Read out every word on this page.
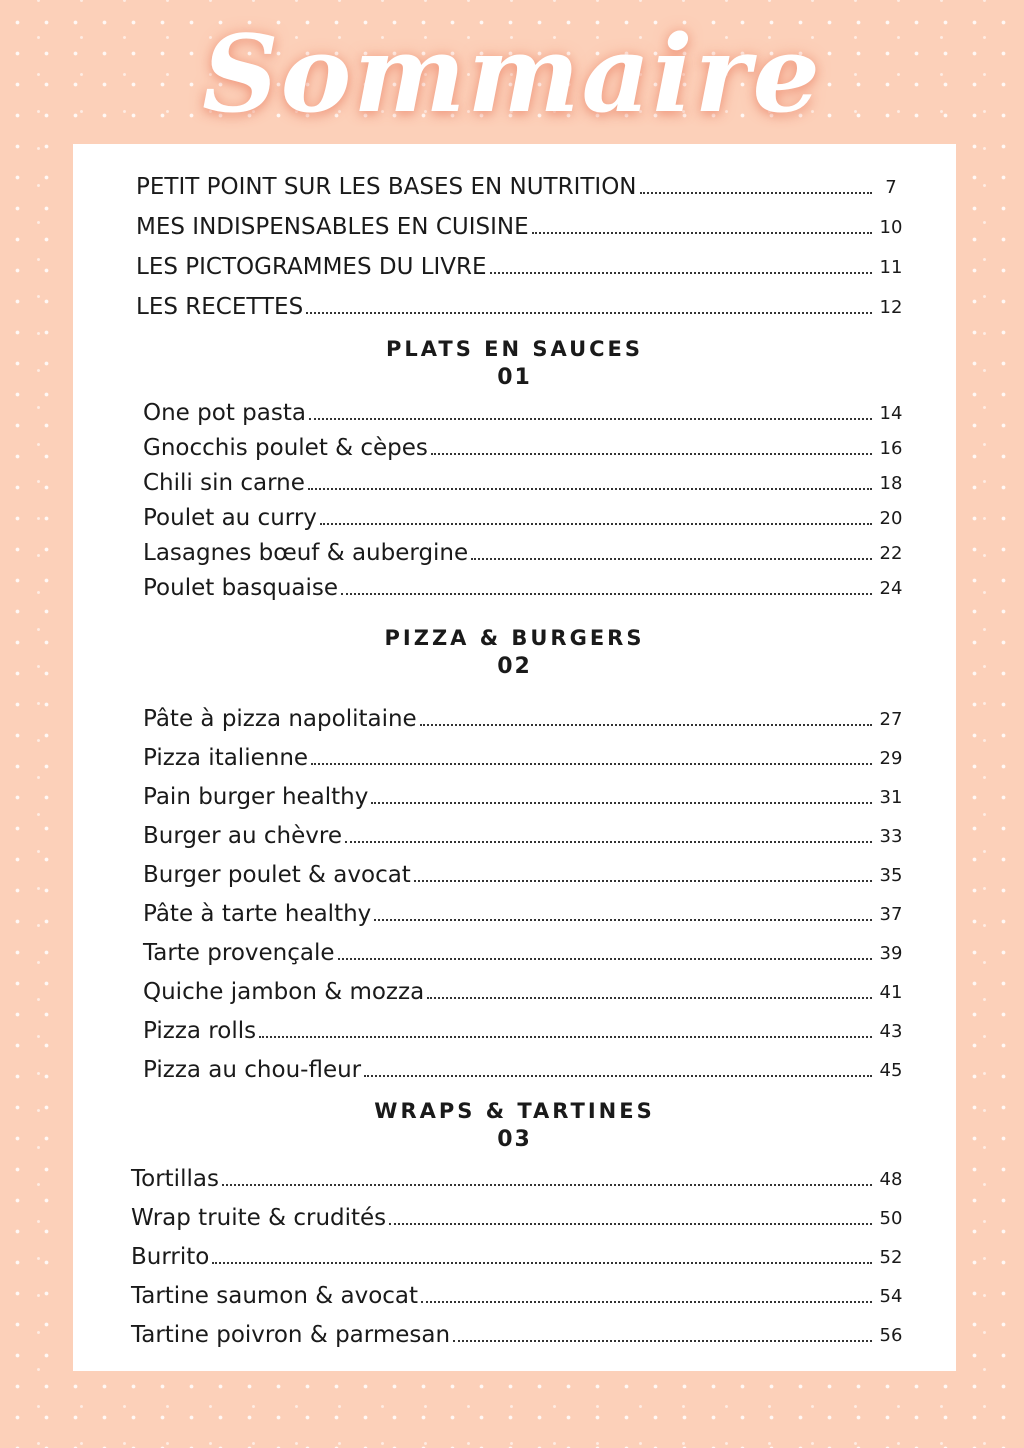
Sommaire
PETIT POINT SUR LES BASES EN NUTRITION	7
MES INDISPENSABLES EN CUISINE	10
LES PICTOGRAMMES DU LIVRE	11
LES RECETTES	12
PLATS EN SAUCES
01
One pot pasta	14
Gnocchis poulet & cèpes	16
Chili sin carne	18
Poulet au curry	20
Lasagnes bœuf & aubergine	22
Poulet basquaise	24
PIZZA & BURGERS
02
Pâte à pizza napolitaine	27
Pizza italienne	29
Pain burger healthy	31
Burger au chèvre	33
Burger poulet & avocat	35
Pâte à tarte healthy	37
Tarte provençale	39
Quiche jambon & mozza	41
Pizza rolls	43
Pizza au chou-fleur	45
WRAPS & TARTINES
03
Tortillas	48
Wrap truite & crudités	50
Burrito	52
Tartine saumon & avocat	54
Tartine poivron & parmesan	56
